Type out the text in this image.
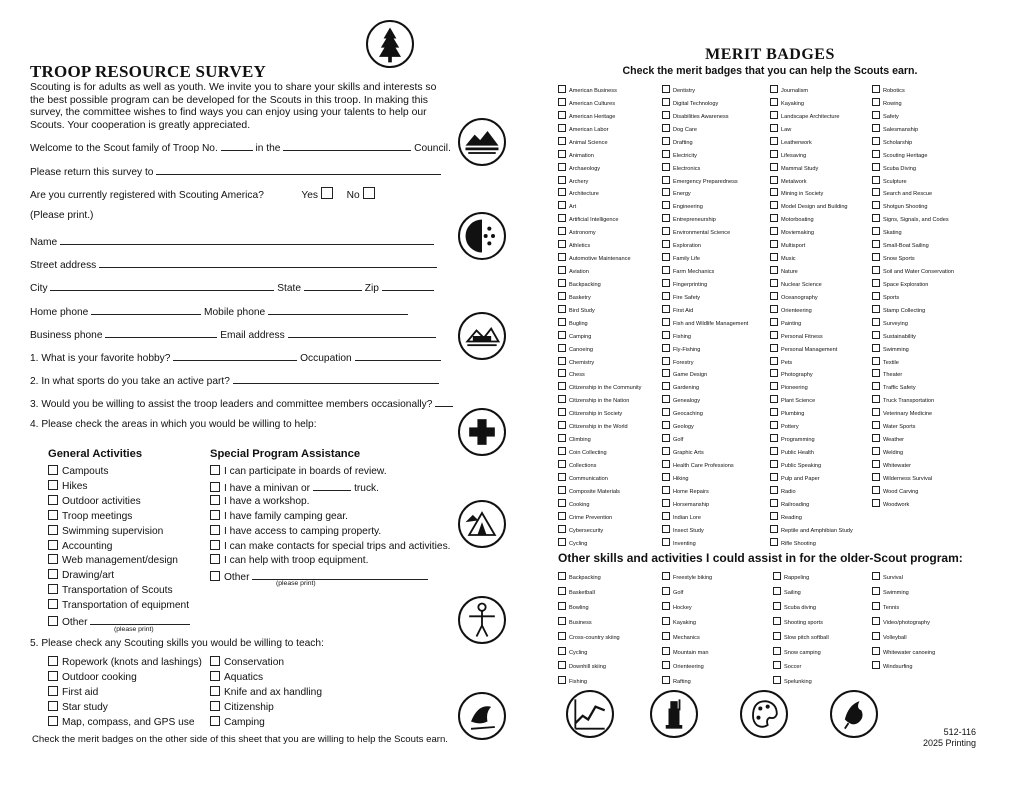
TROOP RESOURCE SURVEY
Scouting is for adults as well as youth. We invite you to share your skills and interests so the best possible program can be developed for the Scouts in this troop. In making this survey, the committee wishes to find ways you can enjoy using your talents to help our Scouts. Your cooperation is greatly appreciated.
Welcome to the Scout family of Troop No.	in the	Council.
Please return this survey to
Are you currently registered with Scouting America?	Yes	No
(Please print.)
Name
Street address
City	State	Zip
Home phone	Mobile phone
Business phone	Email address
1. What is your favorite hobby?	Occupation
2. In what sports do you take an active part?
3. Would you be willing to assist the troop leaders and committee members occasionally?
4. Please check the areas in which you would be willing to help:
General Activities	Special Program Assistance
Campouts
Hikes
Outdoor activities
Troop meetings
Swimming supervision
Accounting
Web management/design
Drawing/art
Transportation of Scouts
Transportation of equipment
Other
I can participate in boards of review.
I have a minivan or	truck.
I have a workshop.
I have family camping gear.
I have access to camping property.
I can make contacts for special trips and activities.
I can help with troop equipment.
Other
(please print)
(please print)
5. Please check any Scouting skills you would be willing to teach:
Ropework (knots and lashings)
Outdoor cooking
First aid
Star study
Map, compass, and GPS use
Conservation
Aquatics
Knife and ax handling
Citizenship
Camping
Check the merit badges on the other side of this sheet that you are willing to help the Scouts earn.
MERIT BADGES
Check the merit badges that you can help the Scouts earn.
American Business
American Cultures
American Heritage
American Labor
Animal Science
Animation
Archaeology
Archery
Architecture
Art
Artificial Intelligence
Astronomy
Athletics
Automotive Maintenance
Aviation
Backpacking
Basketry
Bird Study
Bugling
Camping
Canoeing
Chemistry
Chess
Citizenship in the Community
Citizenship in the Nation
Citizenship in Society
Citizenship in the World
Climbing
Coin Collecting
Collections
Communication
Composite Materials
Cooking
Crime Prevention
Cybersecurity
Cycling
Dentistry
Digital Technology
Disabilities Awareness
Dog Care
Drafting
Electricity
Electronics
Emergency Preparedness
Energy
Engineering
Entrepreneurship
Environmental Science
Exploration
Family Life
Farm Mechanics
Fingerprinting
Fire Safety
First Aid
Fish and Wildlife Management
Fishing
Fly-Fishing
Forestry
Game Design
Gardening
Genealogy
Geocaching
Geology
Golf
Graphic Arts
Health Care Professions
Hiking
Home Repairs
Horsemanship
Indian Lore
Insect Study
Inventing
Journalism
Kayaking
Landscape Architecture
Law
Leatherwork
Lifesaving
Mammal Study
Metalwork
Mining in Society
Model Design and Building
Motorboating
Moviemaking
Multisport
Music
Nature
Nuclear Science
Oceanography
Orienteering
Painting
Personal Fitness
Personal Management
Pets
Photography
Pioneering
Plant Science
Plumbing
Pottery
Programming
Public Health
Public Speaking
Pulp and Paper
Radio
Railroading
Reading
Reptile and Amphibian Study
Rifle Shooting
Robotics
Rowing
Safety
Salesmanship
Scholarship
Scouting Heritage
Scuba Diving
Sculpture
Search and Rescue
Shotgun Shooting
Signs, Signals, and Codes
Skating
Small-Boat Sailing
Snow Sports
Soil and Water Conservation
Space Exploration
Sports
Stamp Collecting
Surveying
Sustainability
Swimming
Textile
Theater
Traffic Safety
Truck Transportation
Veterinary Medicine
Water Sports
Weather
Welding
Whitewater
Wilderness Survival
Wood Carving
Woodwork
Other skills and activities I could assist in for the older-Scout program:
Backpacking
Basketball
Bowling
Business
Cross-country skiing
Cycling
Downhill skiing
Fishing
Freestyle biking
Golf
Hockey
Kayaking
Mechanics
Mountain man
Orienteering
Rafting
Rappeling
Sailing
Scuba diving
Shooting sports
Slow pitch softball
Snow camping
Soccer
Spelunking
Survival
Swimming
Tennis
Video/photography
Volleyball
Whitewater canoeing
Windsurfing
512-116
2025 Printing
